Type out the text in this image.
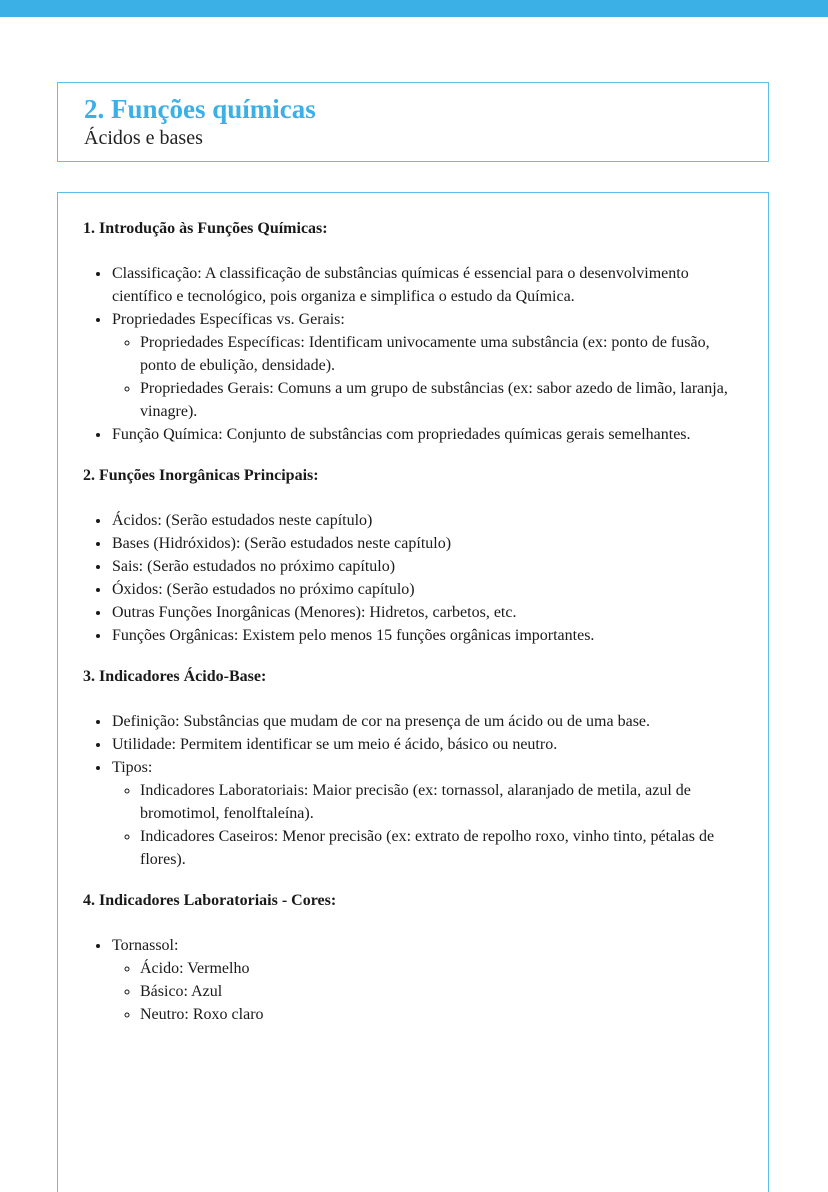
2. Funções químicas

Ácidos e bases

1. Introdução às Funções Químicas:
• Classificação: A classificação de substâncias químicas é essencial para o desenvolvimento científico e tecnológico, pois organiza e simplifica o estudo da Química.
• Propriedades Específicas vs. Gerais:
◦ Propriedades Específicas: Identificam univocamente uma substância (ex: ponto de fusão, ponto de ebulição, densidade).
◦ Propriedades Gerais: Comuns a um grupo de substâncias (ex: sabor azedo de limão, laranja, vinagre).
• Função Química: Conjunto de substâncias com propriedades químicas gerais semelhantes.
2. Funções Inorgânicas Principais:
• Ácidos: (Serão estudados neste capítulo)
• Bases (Hidróxidos): (Serão estudados neste capítulo)
• Sais: (Serão estudados no próximo capítulo)
• Óxidos: (Serão estudados no próximo capítulo)
• Outras Funções Inorgânicas (Menores): Hidretos, carbetos, etc.
• Funções Orgânicas: Existem pelo menos 15 funções orgânicas importantes.
3. Indicadores Ácido-Base:
• Definição: Substâncias que mudam de cor na presença de um ácido ou de uma base.
• Utilidade: Permitem identificar se um meio é ácido, básico ou neutro.
• Tipos:
◦ Indicadores Laboratoriais: Maior precisão (ex: tornassol, alaranjado de metila, azul de bromotimol, fenolftaleína).
◦ Indicadores Caseiros: Menor precisão (ex: extrato de repolho roxo, vinho tinto, pétalas de flores).
4. Indicadores Laboratoriais - Cores:
• Tornassol:
◦ Ácido: Vermelho
◦ Básico: Azul
◦ Neutro: Roxo claro
